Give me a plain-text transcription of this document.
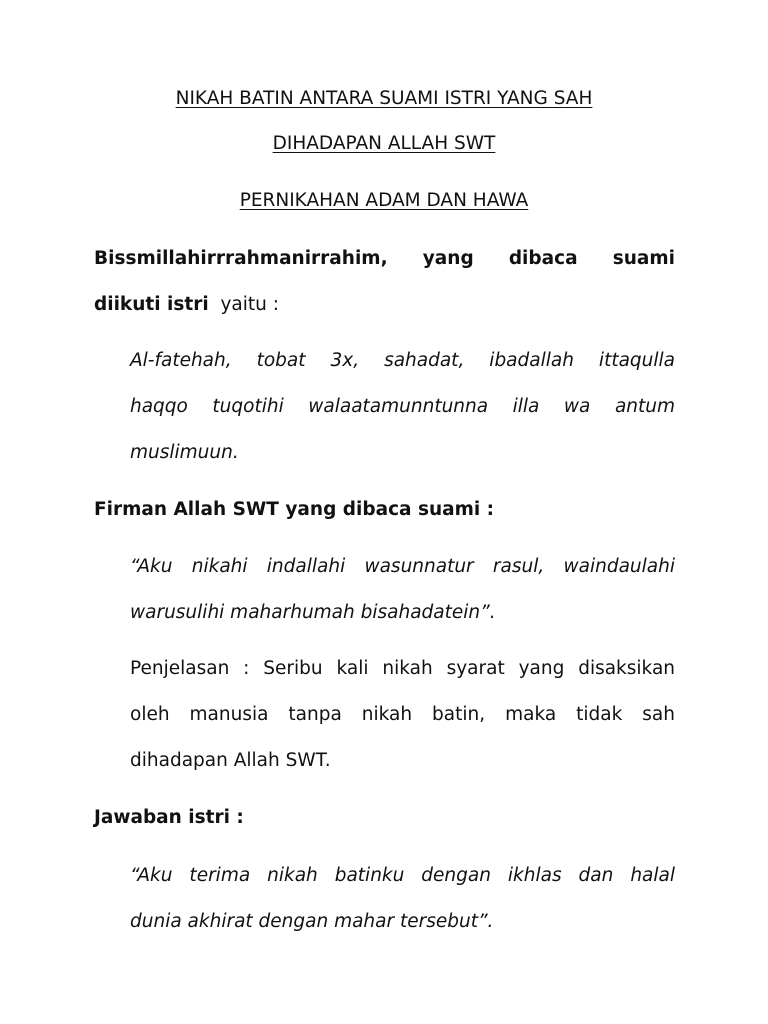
NIKAH BATIN ANTARA SUAMI ISTRI YANG SAH
DIHADAPAN ALLAH SWT
PERNIKAHAN ADAM DAN HAWA
Bissmillahirrrahmanirrahim, yang dibaca suami
diikuti istri yaitu :
Al-fatehah, tobat 3x, sahadat, ibadallah ittaqulla
haqqo tuqotihi walaatamunntunna illa wa antum
muslimuun.
Firman Allah SWT yang dibaca suami :
“Aku nikahi indallahi wasunnatur rasul, waindaulahi
warusulihi maharhumah bisahadatein”.
Penjelasan : Seribu kali nikah syarat yang disaksikan
oleh manusia tanpa nikah batin, maka tidak sah
dihadapan Allah SWT.
Jawaban istri :
“Aku terima nikah batinku dengan ikhlas dan halal
dunia akhirat dengan mahar tersebut”.
